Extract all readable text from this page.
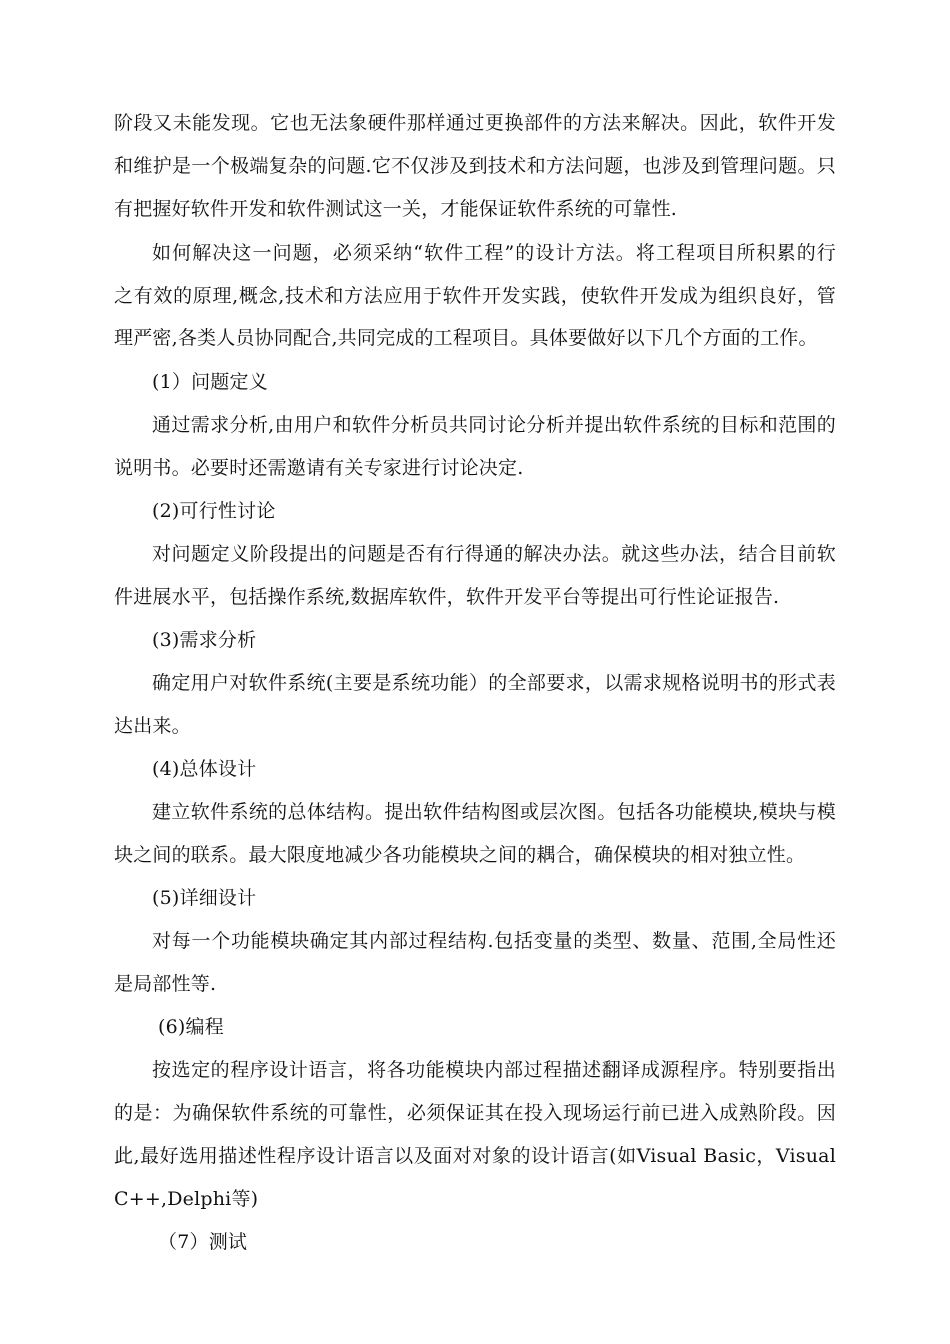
阶段又未能发现。它也无法象硬件那样通过更换部件的方法来解决。因此，软件开发
和维护是一个极端复杂的问题.它不仅涉及到技术和方法问题，也涉及到管理问题。只
有把握好软件开发和软件测试这一关，才能保证软件系统的可靠性.
如何解决这一问题，必须采纳“软件工程”的设计方法。将工程项目所积累的行
之有效的原理,概念,技术和方法应用于软件开发实践，使软件开发成为组织良好，管
理严密,各类人员协同配合,共同完成的工程项目。具体要做好以下几个方面的工作。
(1）问题定义
通过需求分析,由用户和软件分析员共同讨论分析并提出软件系统的目标和范围的
说明书。必要时还需邀请有关专家进行讨论决定.
(2)可行性讨论
对问题定义阶段提出的问题是否有行得通的解决办法。就这些办法，结合目前软
件进展水平，包括操作系统,数据库软件，软件开发平台等提出可行性论证报告.
(3)需求分析
确定用户对软件系统(主要是系统功能）的全部要求，以需求规格说明书的形式表
达出来。
(4)总体设计
建立软件系统的总体结构。提出软件结构图或层次图。包括各功能模块,模块与模
块之间的联系。最大限度地减少各功能模块之间的耦合，确保模块的相对独立性。
(5)详细设计
对每一个功能模块确定其内部过程结构.包括变量的类型、数量、范围,全局性还
是局部性等.
(6)编程
按选定的程序设计语言，将各功能模块内部过程描述翻译成源程序。特别要指出
的是：为确保软件系统的可靠性，必须保证其在投入现场运行前已进入成熟阶段。因
此,最好选用描述性程序设计语言以及面对对象的设计语言(如Visual Basic，Visual
C++,Delphi等)
（7）测试
